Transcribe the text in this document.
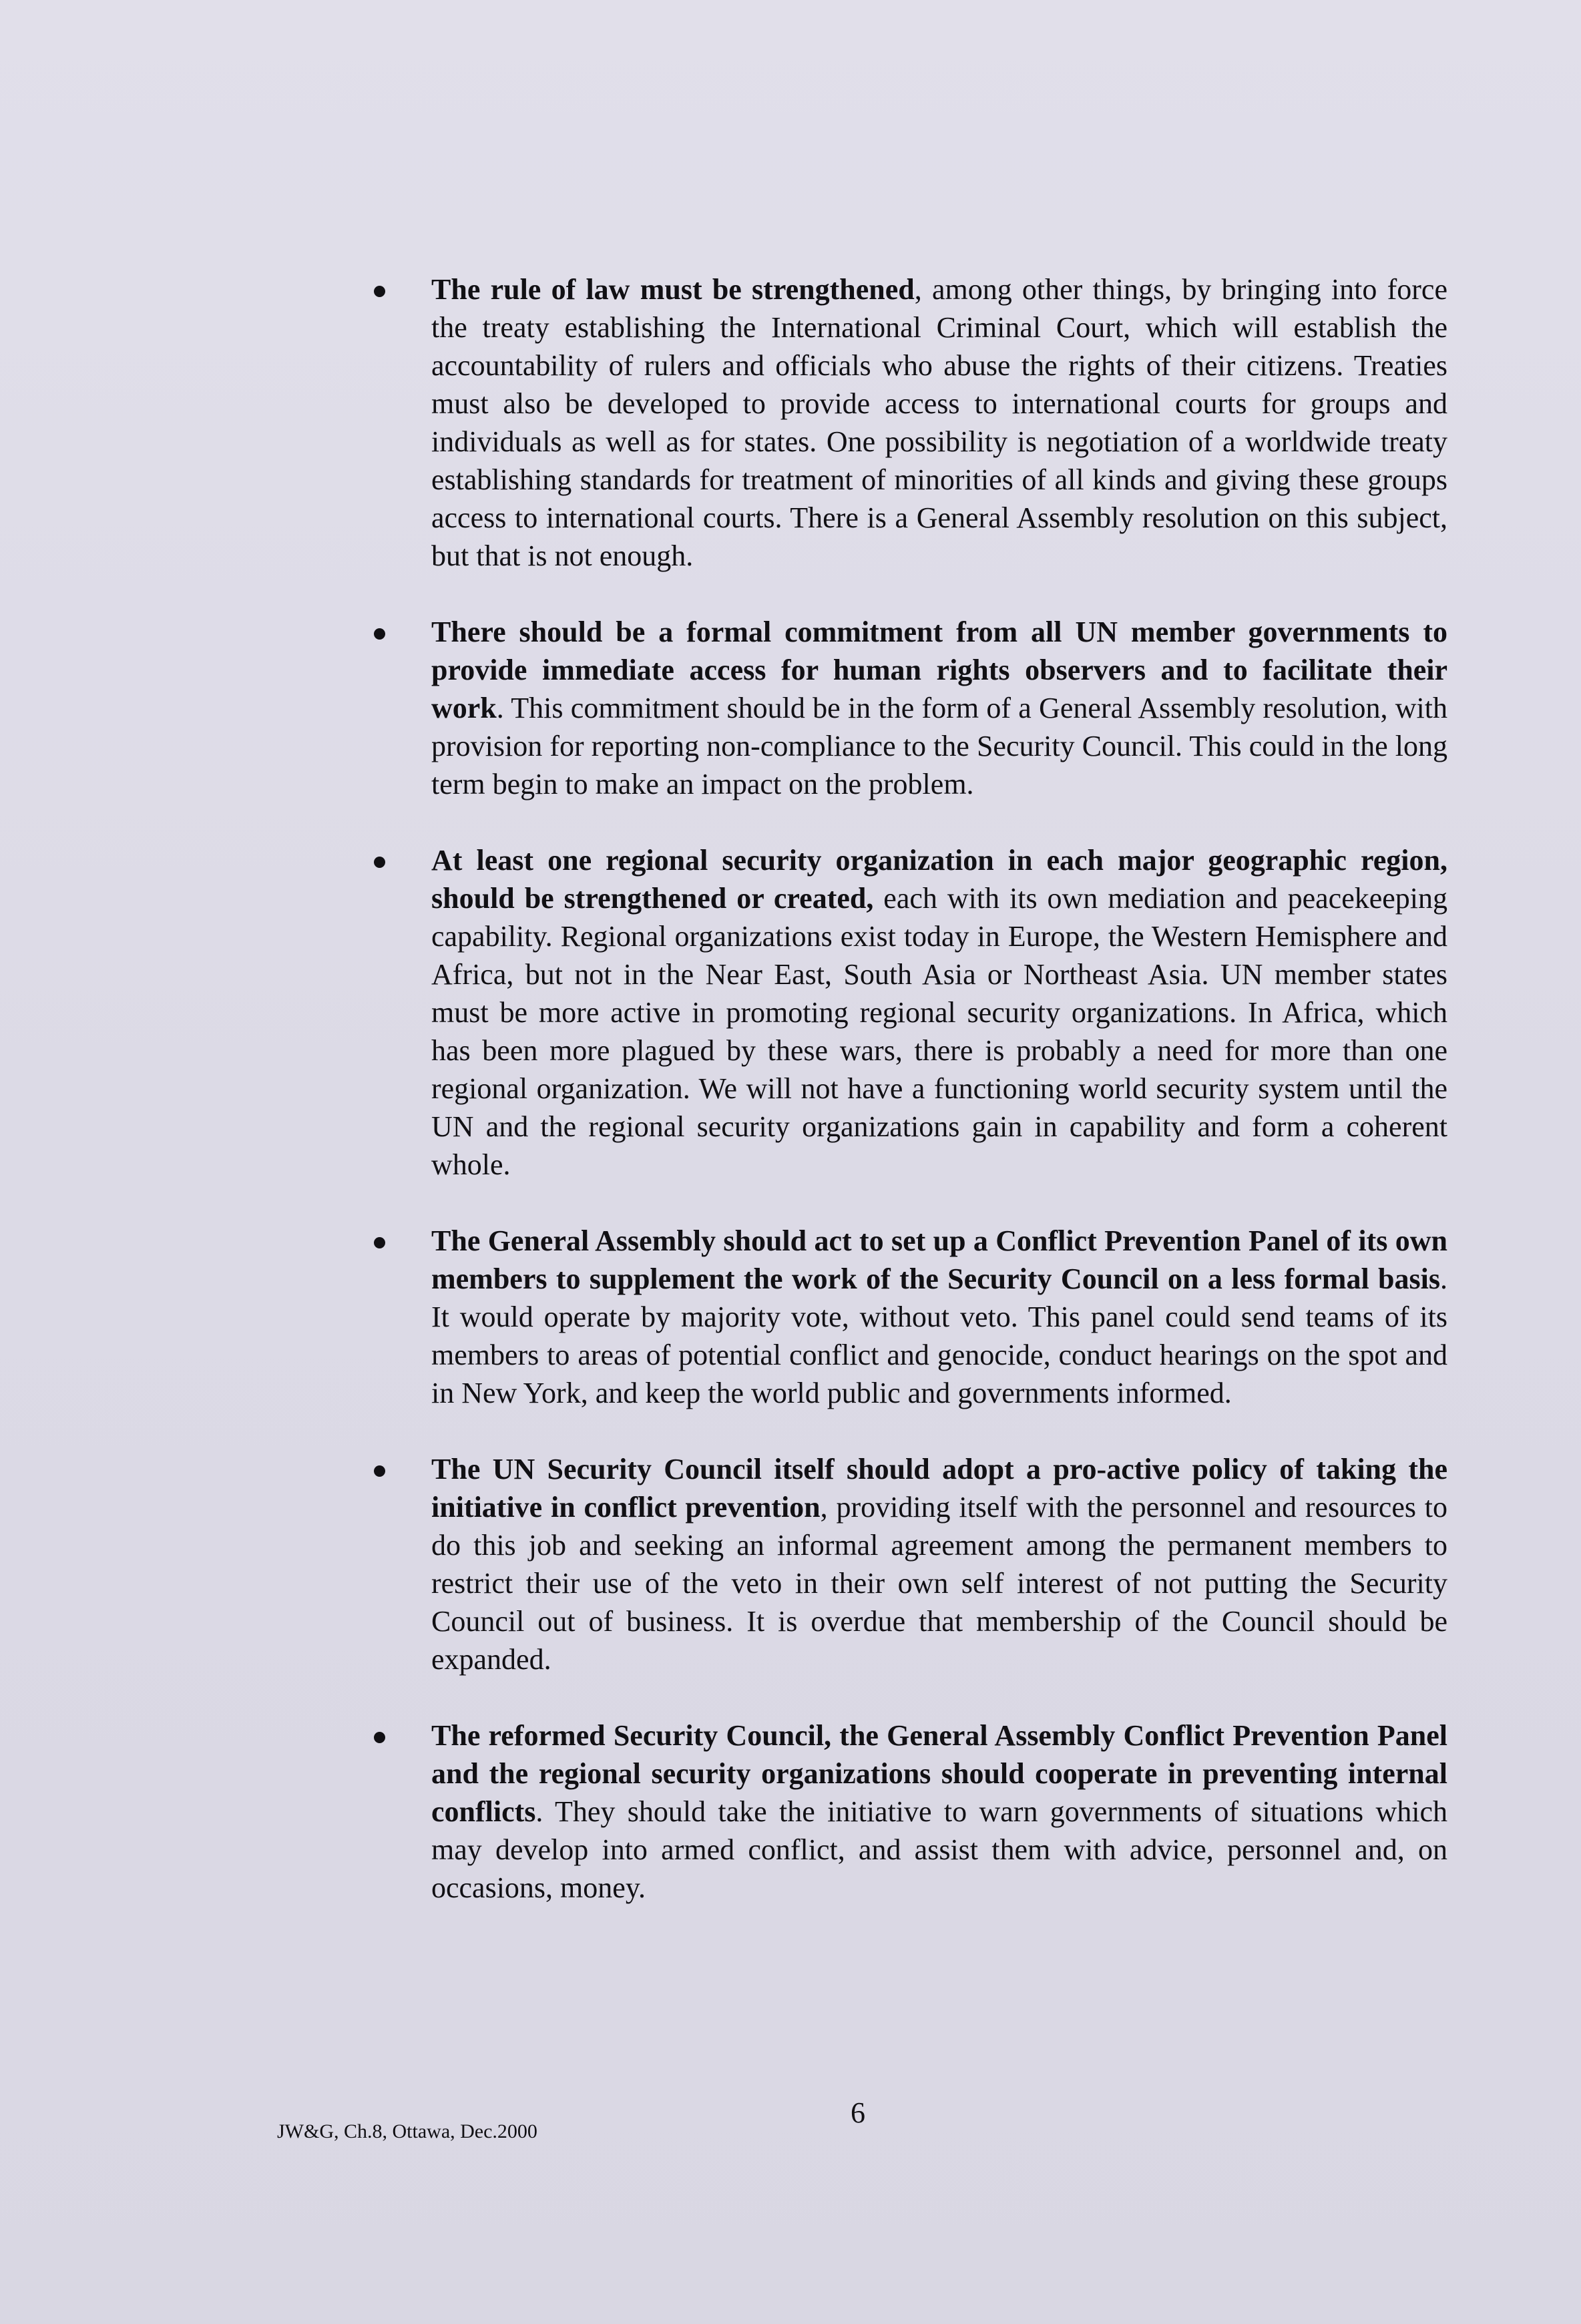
The rule of law must be strengthened, among other things, by bringing into force the treaty establishing the International Criminal Court, which will establish the accountability of rulers and officials who abuse the rights of their citizens. Treaties must also be developed to provide access to international courts for groups and individuals as well as for states. One possibility is negotiation of a worldwide treaty establishing standards for treatment of minorities of all kinds and giving these groups access to international courts. There is a General Assembly resolution on this subject, but that is not enough.
There should be a formal commitment from all UN member governments to provide immediate access for human rights observers and to facilitate their work. This commitment should be in the form of a General Assembly resolution, with provision for reporting non-compliance to the Security Council. This could in the long term begin to make an impact on the problem.
At least one regional security organization in each major geographic region, should be strengthened or created, each with its own mediation and peacekeeping capability. Regional organizations exist today in Europe, the Western Hemisphere and Africa, but not in the Near East, South Asia or Northeast Asia. UN member states must be more active in promoting regional security organizations. In Africa, which has been more plagued by these wars, there is probably a need for more than one regional organization. We will not have a functioning world security system until the UN and the regional security organizations gain in capability and form a coherent whole.
The General Assembly should act to set up a Conflict Prevention Panel of its own members to supplement the work of the Security Council on a less formal basis. It would operate by majority vote, without veto. This panel could send teams of its members to areas of potential conflict and genocide, conduct hearings on the spot and in New York, and keep the world public and governments informed.
The UN Security Council itself should adopt a pro-active policy of taking the initiative in conflict prevention, providing itself with the personnel and resources to do this job and seeking an informal agreement among the permanent members to restrict their use of the veto in their own self interest of not putting the Security Council out of business. It is overdue that membership of the Council should be expanded.
The reformed Security Council, the General Assembly Conflict Prevention Panel and the regional security organizations should cooperate in preventing internal conflicts. They should take the initiative to warn governments of situations which may develop into armed conflict, and assist them with advice, personnel and, on occasions, money.
JW&G, Ch.8, Ottawa, Dec.2000
6
